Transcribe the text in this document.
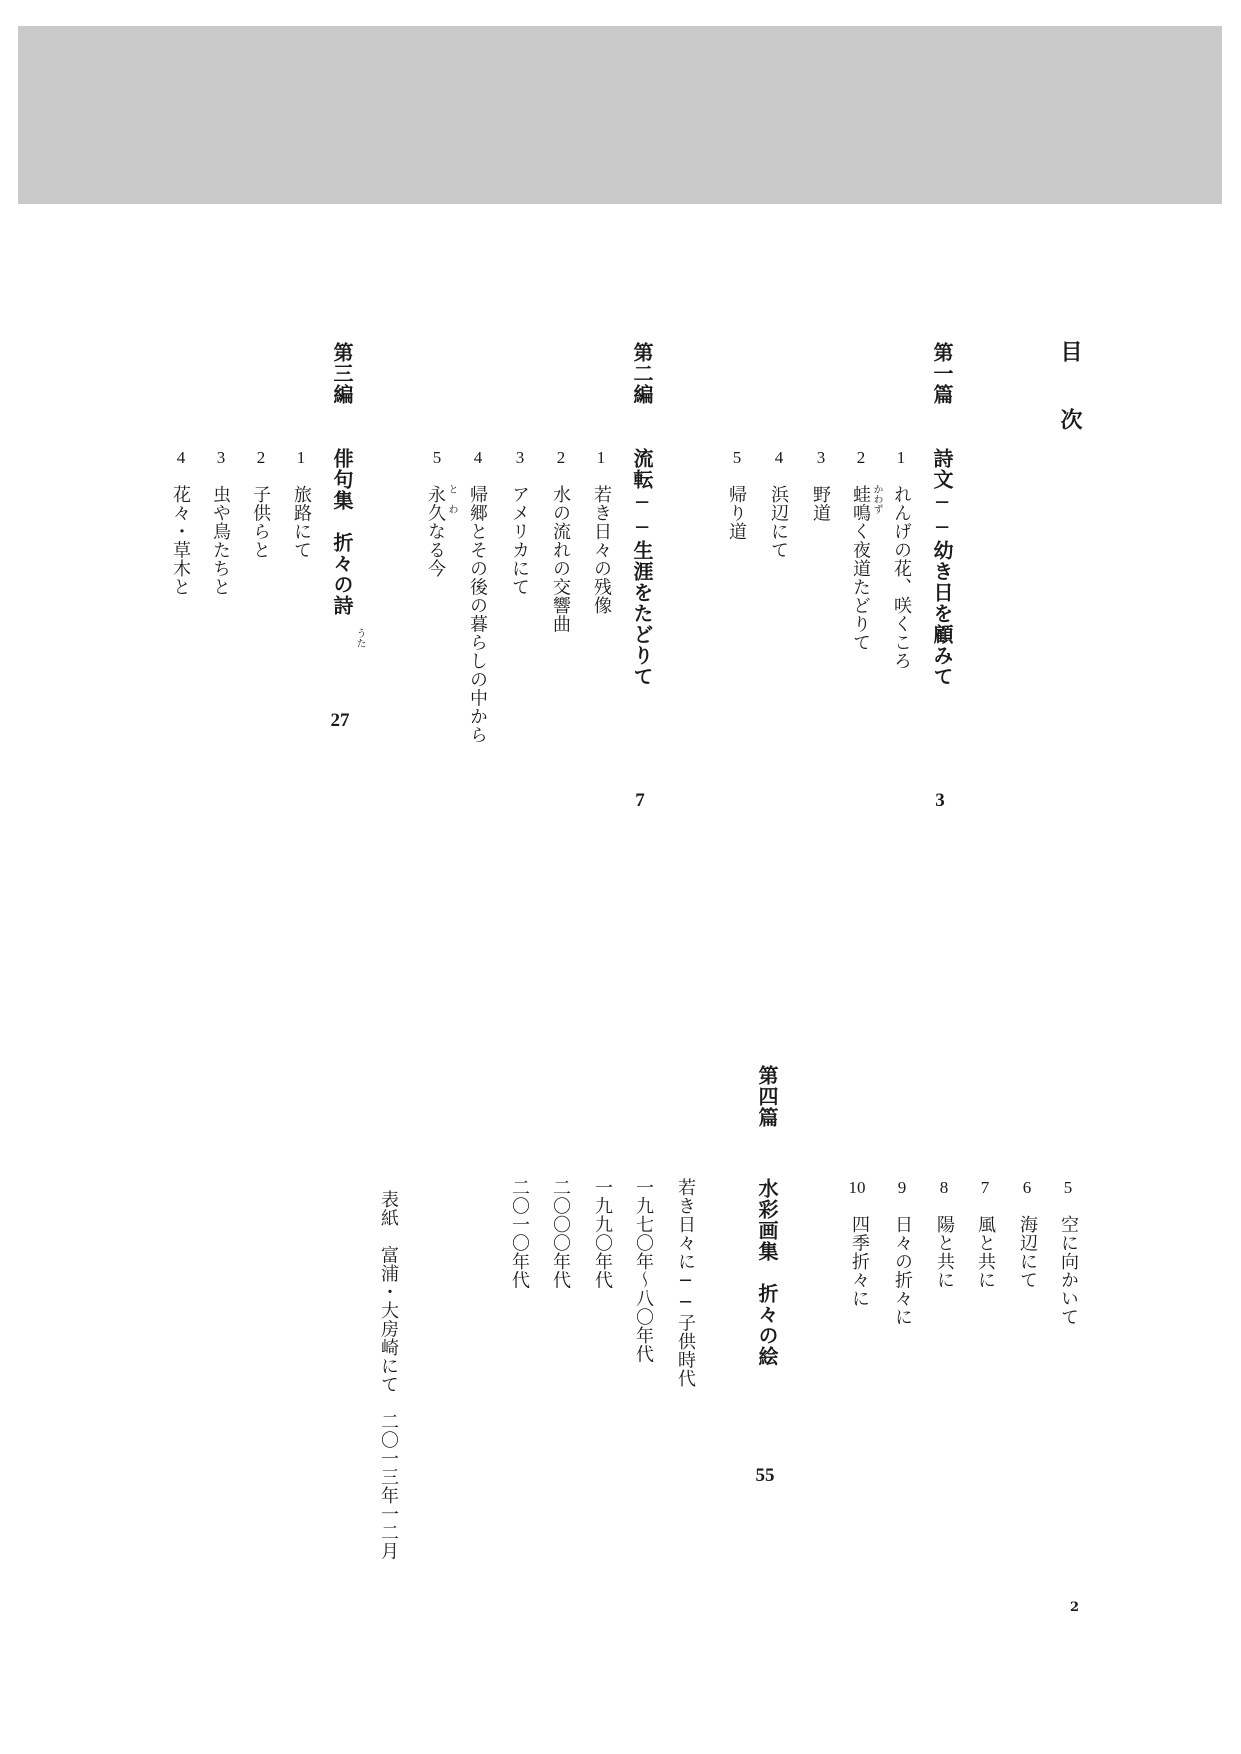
目　次
第一篇
詩文──幼き日を顧みて
3
1
れんげの花、咲くころ
2
かわず
蛙鳴く夜道たどりて
3
野道
4
浜辺にて
5
帰り道
第二編
流転──生涯をたどりて
7
1
若き日々の残像
2
水の流れの交響曲
3
アメリカにて
4
帰郷とその後の暮らしの中から
5
と　わ
永久なる今
第三編
俳句集　折々の詩
うた
27
1
旅路にて
2
子供らと
3
虫や鳥たちと
4
花々・草木と
5
空に向かいて
6
海辺にて
7
風と共に
8
陽と共に
9
日々の折々に
10
四季折々に
第四篇
水彩画集　折々の絵
55
若き日々に──子供時代
一九七〇年～八〇年代
一九九〇年代
二〇〇〇年代
二〇一〇年代
表紙　富浦・大房崎にて　二〇一三年一二月
2
